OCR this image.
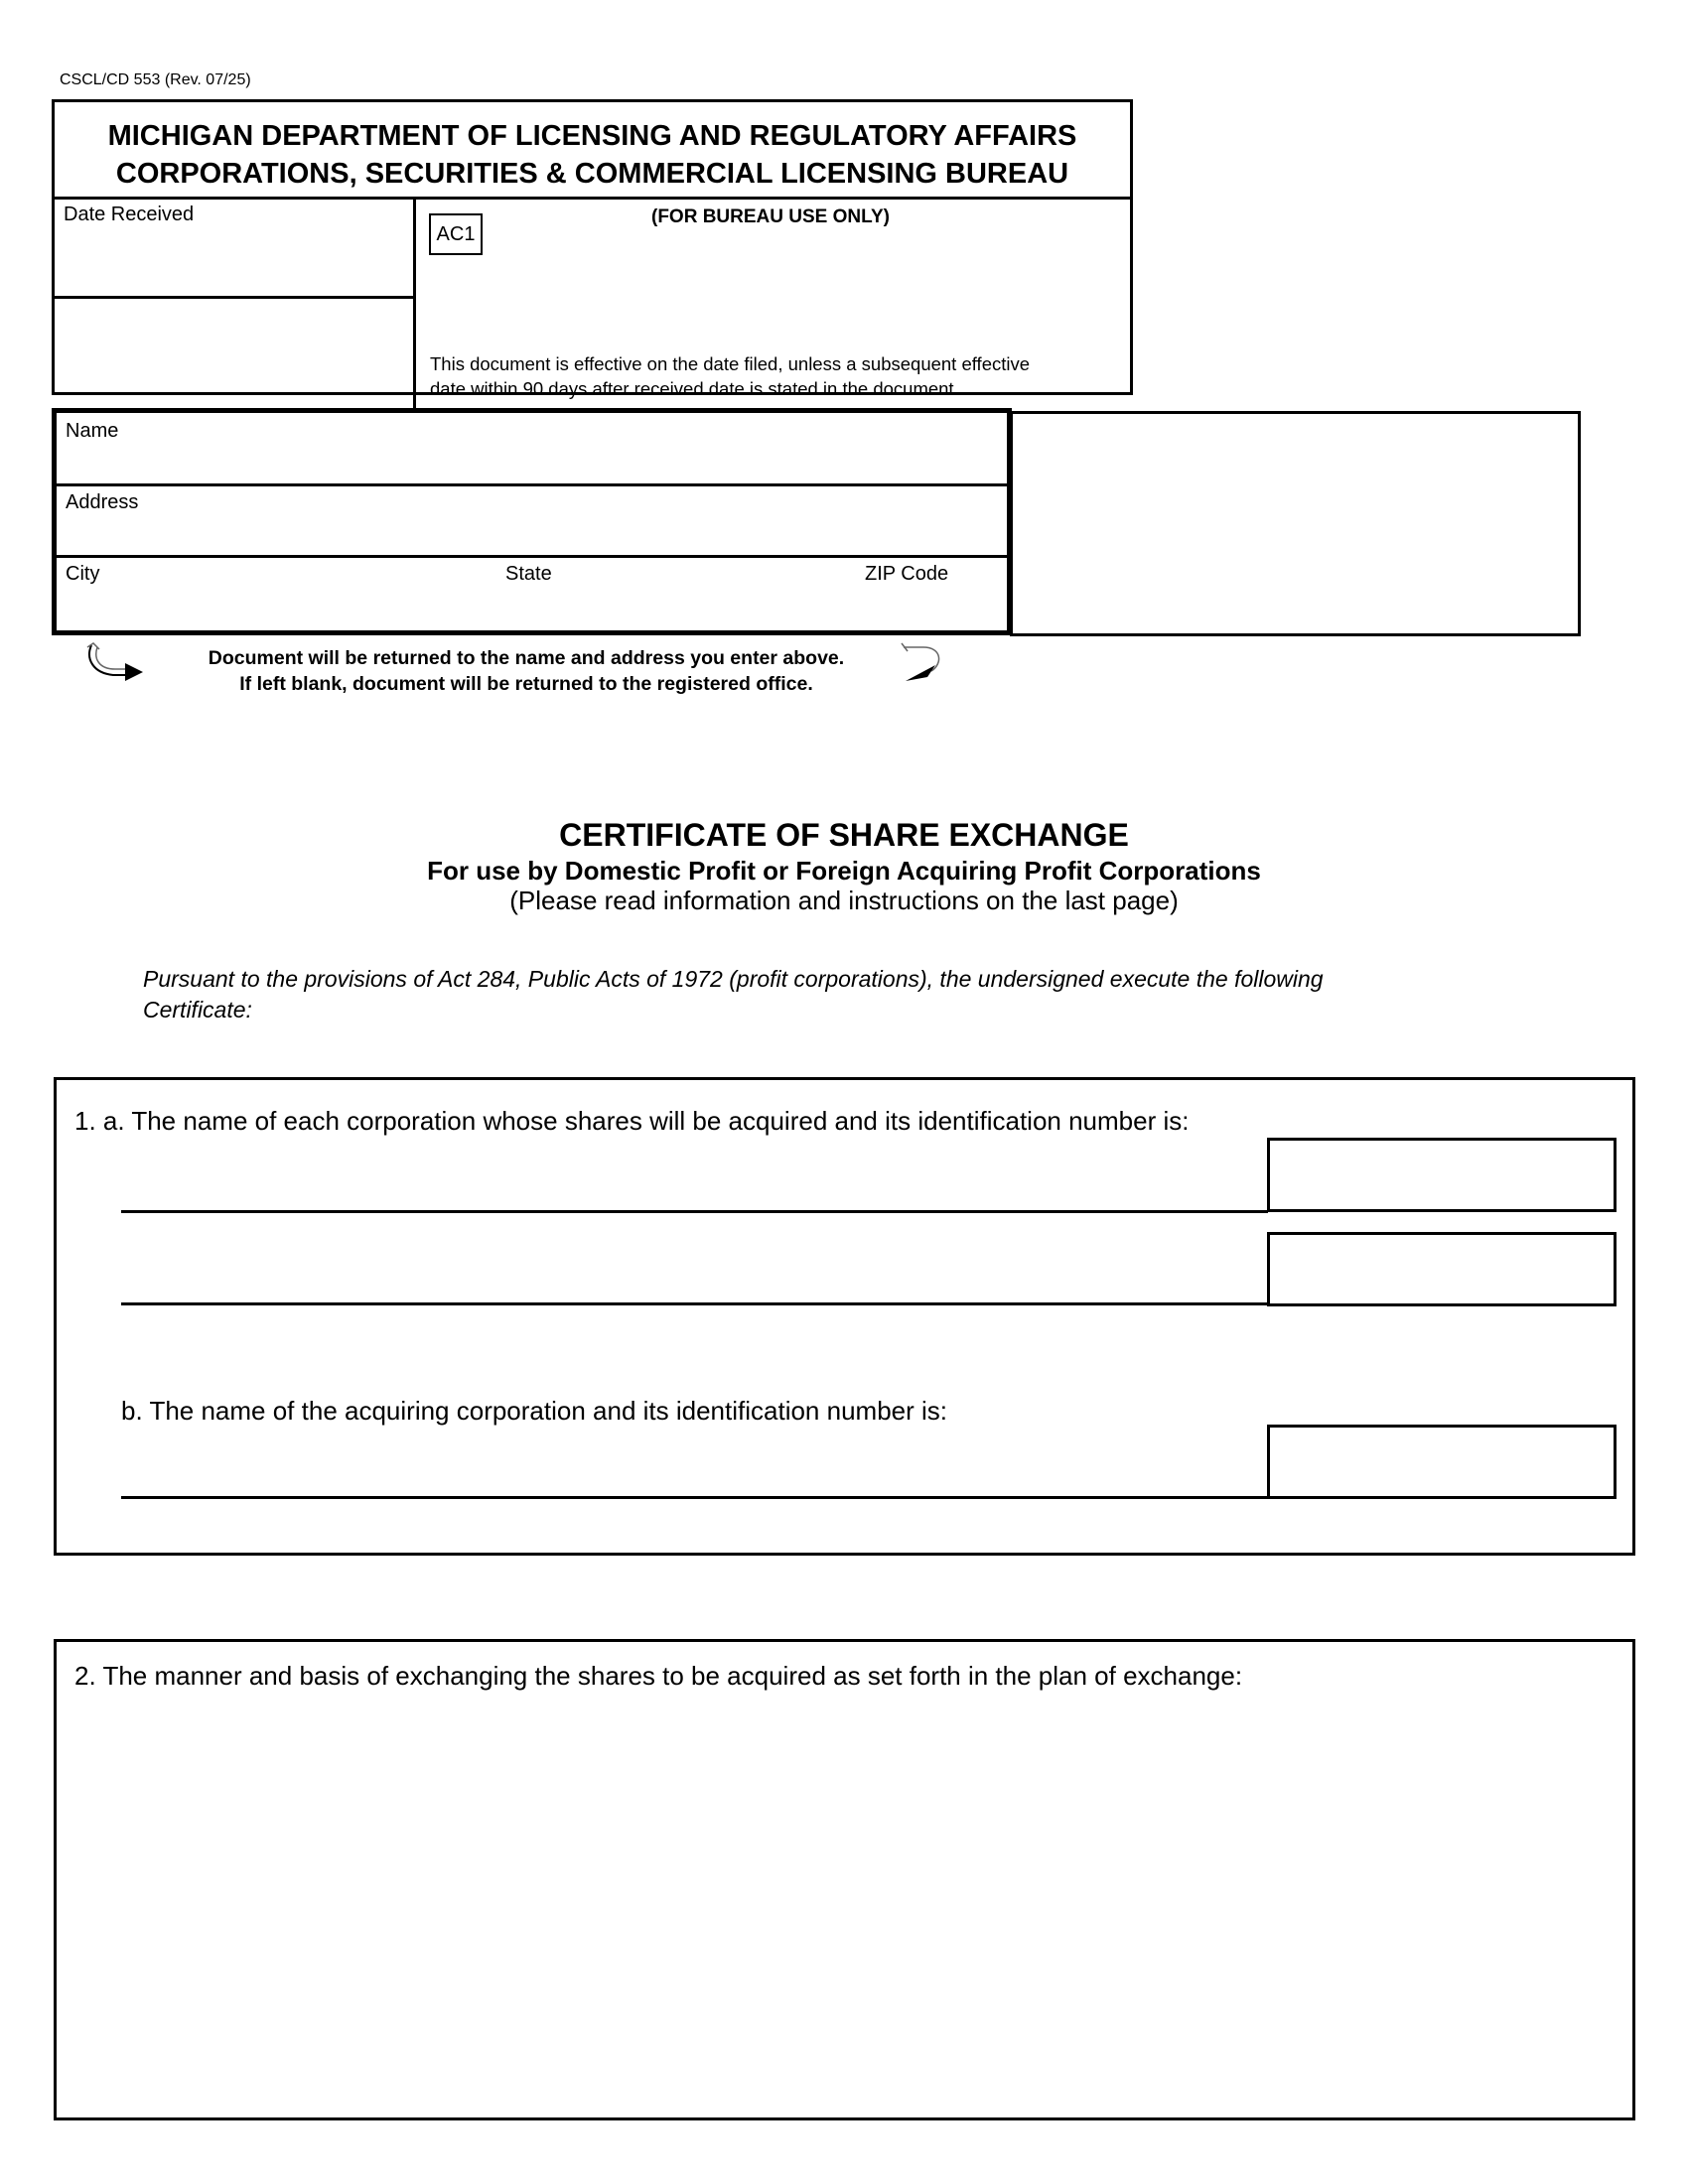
CSCL/CD 553 (Rev. 07/25)
MICHIGAN DEPARTMENT OF LICENSING AND REGULATORY AFFAIRS
CORPORATIONS, SECURITIES & COMMERCIAL LICENSING BUREAU
Date Received
AC1
(FOR BUREAU USE ONLY)
This document is effective on the date filed, unless a subsequent effective
date within 90 days after received date is stated in the document.
Name
Address
City	State	ZIP Code
Document will be returned to the name and address you enter above.
If left blank, document will be returned to the registered office.
CERTIFICATE OF SHARE EXCHANGE
For use by Domestic Profit or Foreign Acquiring Profit Corporations
(Please read information and instructions on the last page)
Pursuant to the provisions of Act 284, Public Acts of 1972 (profit corporations), the undersigned execute the following
Certificate:
1. a. The name of each corporation whose shares will be acquired and its identification number is:
b. The name of the acquiring corporation and its identification number is:
2. The manner and basis of exchanging the shares to be acquired as set forth in the plan of exchange:
